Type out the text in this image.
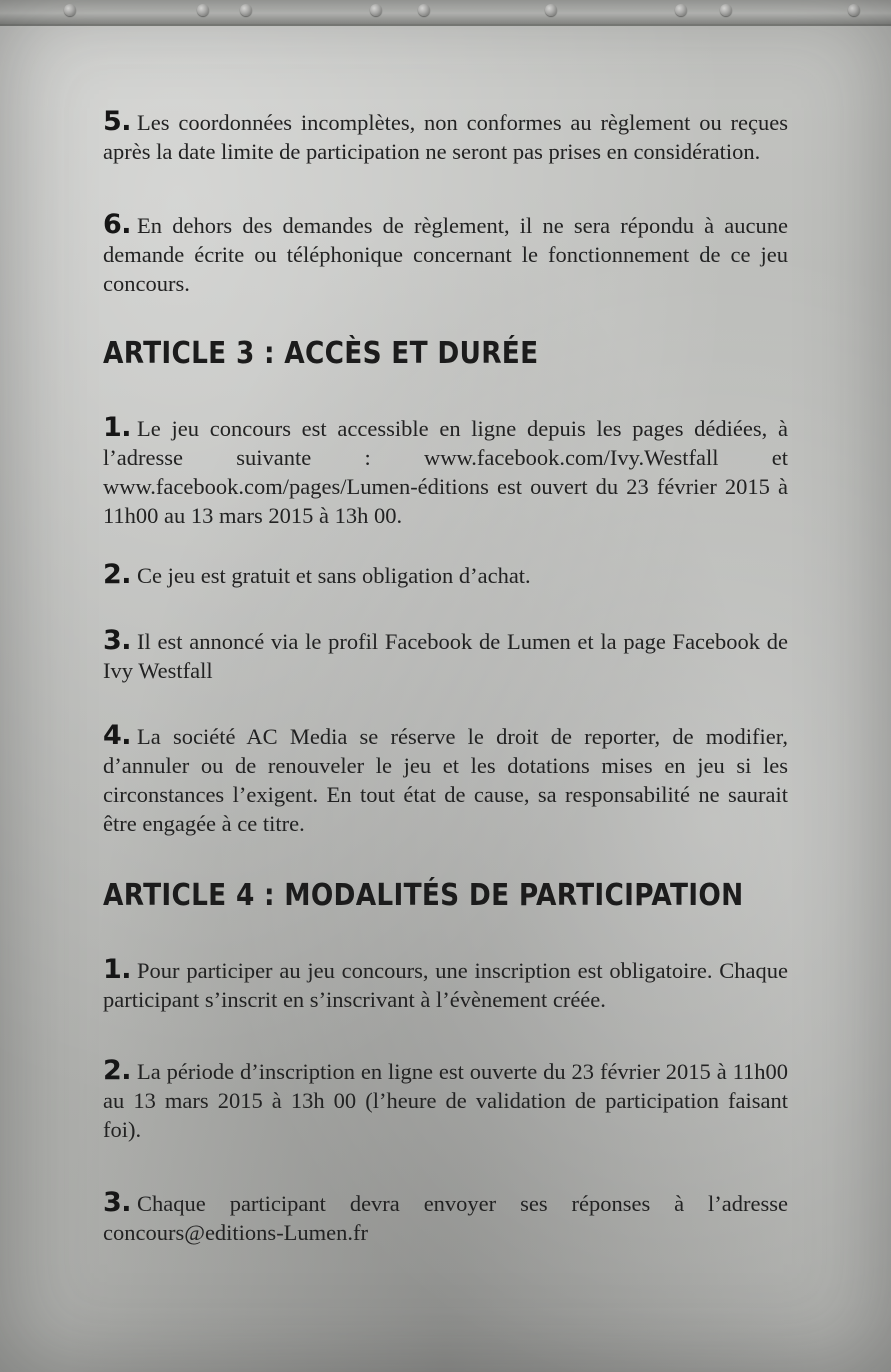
5. Les coordonnées incomplètes, non conformes au règlement ou reçues après la date limite de participation ne seront pas prises en considération.

6. En dehors des demandes de règlement, il ne sera répondu à aucune demande écrite ou téléphonique concernant le fonctionnement de ce jeu concours.

ARTICLE 3 : ACCÈS ET DURÉE

1. Le jeu concours est accessible en ligne depuis les pages dédiées, à l’adresse suivante : www.facebook.com/Ivy.Westfall et www.facebook.com/pages/Lumen-éditions est ouvert du 23 février 2015 à 11h00 au 13 mars 2015 à 13h 00.

2. Ce jeu est gratuit et sans obligation d’achat.

3. Il est annoncé via le profil Facebook de Lumen et la page Facebook de Ivy Westfall

4. La société AC Media se réserve le droit de reporter, de modifier, d’annuler ou de renouveler le jeu et les dotations mises en jeu si les circonstances l’exigent. En tout état de cause, sa responsabilité ne saurait être engagée à ce titre.

ARTICLE 4 : MODALITÉS DE PARTICIPATION

1. Pour participer au jeu concours, une inscription est obligatoire. Chaque participant s’inscrit en s’inscrivant à l’évènement créée.

2. La période d’inscription en ligne est ouverte du 23 février 2015 à 11h00 au 13 mars 2015 à 13h 00 (l’heure de validation de participation faisant foi).

3. Chaque participant devra envoyer ses réponses à l’adresse concours@editions-Lumen.fr
